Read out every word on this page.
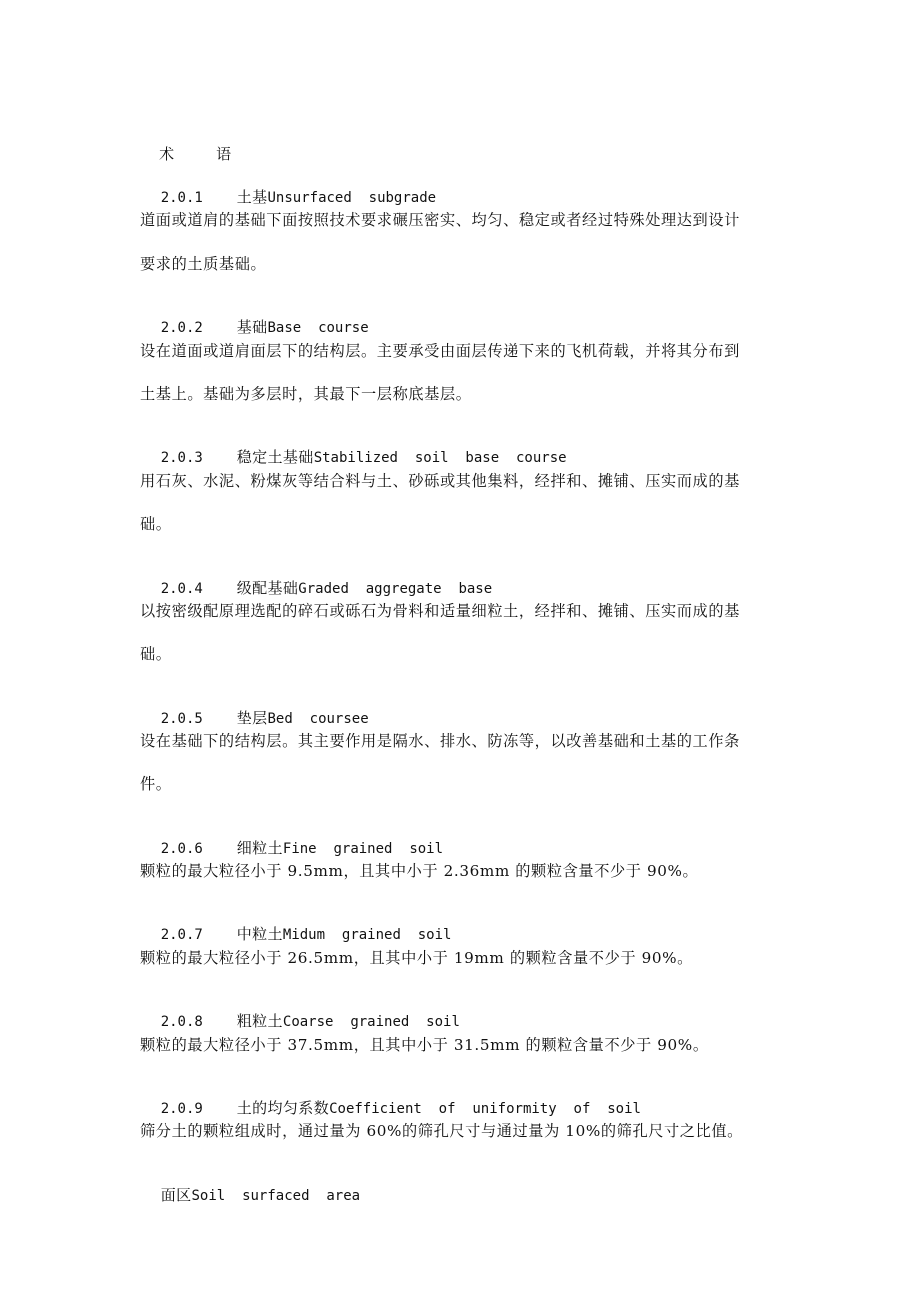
术	语

2.0.1 土基Unsurfaced  subgrade

道面或道肩的基础下面按照技术要求碾压密实、均匀、稳定或者经过特殊处理达到设计
要求的土质基础。

2.0.2 基础Base  course

设在道面或道肩面层下的结构层。主要承受由面层传递下来的飞机荷载，并将其分布到
土基上。基础为多层时，其最下一层称底基层。

2.0.3 稳定土基础Stabilized  soil  base  course

用石灰、水泥、粉煤灰等结合料与土、砂砾或其他集料，经拌和、摊铺、压实而成的基
础。

2.0.4 级配基础Graded  aggregate  base

以按密级配原理选配的碎石或砾石为骨料和适量细粒土，经拌和、摊铺、压实而成的基
础。

2.0.5 垫层Bed  coursee

设在基础下的结构层。其主要作用是隔水、排水、防冻等，以改善基础和土基的工作条
件。

2.0.6 细粒土Fine  grained  soil

颗粒的最大粒径小于 9.5mm，且其中小于 2.36mm 的颗粒含量不少于 90%。

2.0.7 中粒土Midum  grained  soil

颗粒的最大粒径小于 26.5mm，且其中小于 19mm 的颗粒含量不少于 90%。

2.0.8 粗粒土Coarse  grained  soil

颗粒的最大粒径小于 37.5mm，且其中小于 31.5mm 的颗粒含量不少于 90%。

2.0.9 土的均匀系数Coefficient  of  uniformity  of  soil

筛分土的颗粒组成时，通过量为 60%的筛孔尺寸与通过量为 10%的筛孔尺寸之比值。

面区Soil  surfaced  area
